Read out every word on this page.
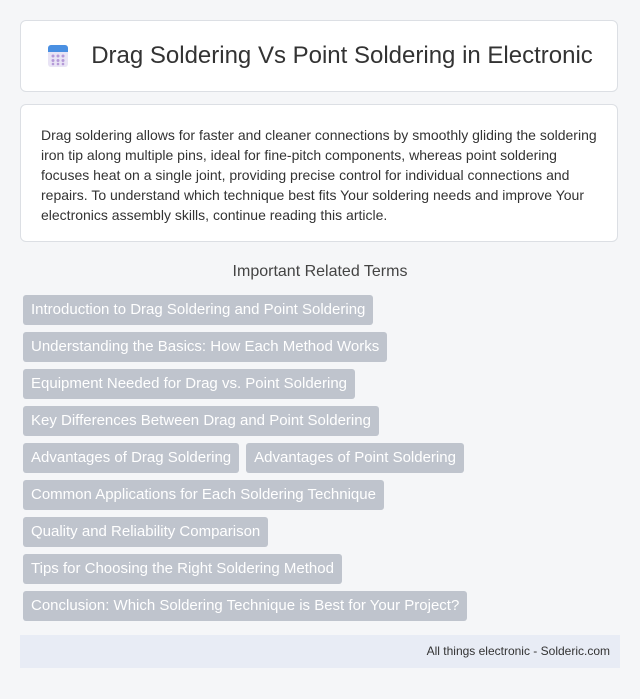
Drag Soldering Vs Point Soldering in Electronic

Drag soldering allows for faster and cleaner connections by smoothly gliding the soldering iron tip along multiple pins, ideal for fine-pitch components, whereas point soldering focuses heat on a single joint, providing precise control for individual connections and repairs. To understand which technique best fits Your soldering needs and improve Your electronics assembly skills, continue reading this article.

Important Related Terms
Introduction to Drag Soldering and Point Soldering
Understanding the Basics: How Each Method Works
Equipment Needed for Drag vs. Point Soldering
Key Differences Between Drag and Point Soldering
Advantages of Drag Soldering	Advantages of Point Soldering
Common Applications for Each Soldering Technique
Quality and Reliability Comparison
Tips for Choosing the Right Soldering Method
Conclusion: Which Soldering Technique is Best for Your Project?
All things electronic - Solderic.com
